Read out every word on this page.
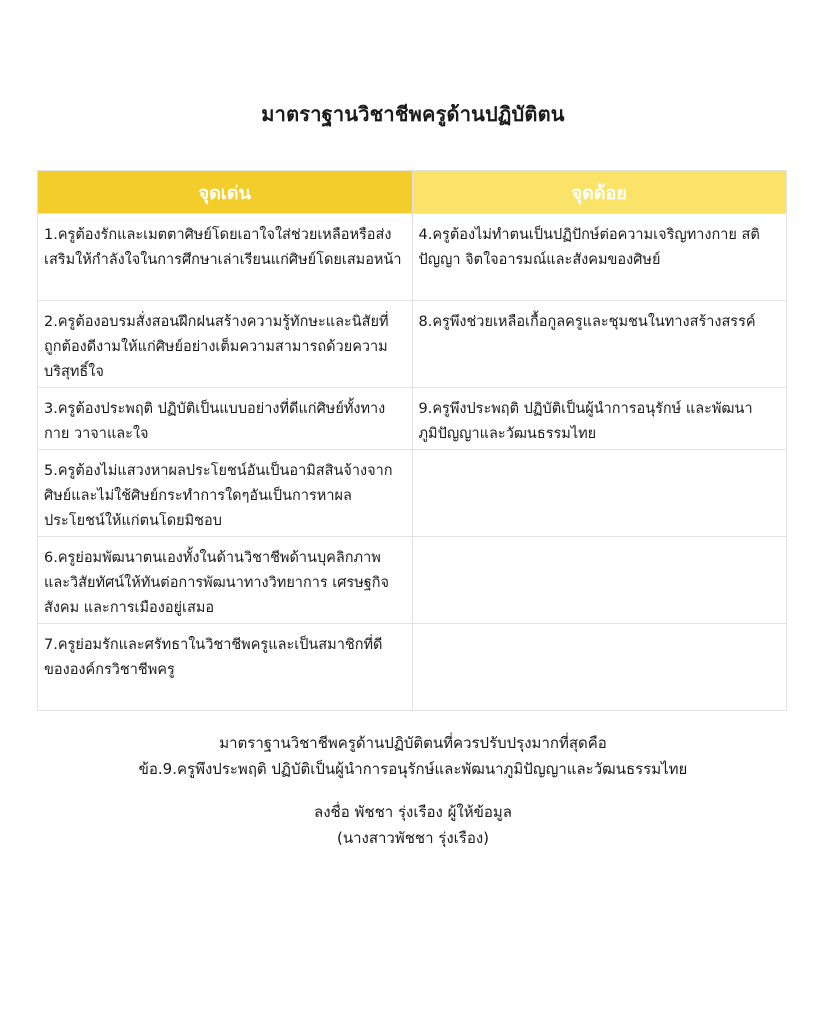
มาตราฐานวิชาชีพครูด้านปฏิบัติตน
จุดเด่น	จุดด้อย
1.ครูต้องรักและเมตตาศิษย์โดยเอาใจใส่ช่วยเหลือหรือส่งเสริมให้กำลังใจในการศึกษาเล่าเรียนแก่ศิษย์โดยเสมอหน้า	4.ครูต้องไม่ทำตนเป็นปฏิปักษ์ต่อความเจริญทางกาย สติปัญญา จิตใจอารมณ์และสังคมของศิษย์
2.ครูต้องอบรมสั่งสอนฝึกฝนสร้างความรู้ทักษะและนิสัยที่ถูกต้องดีงามให้แก่ศิษย์อย่างเต็มความสามารถด้วยความบริสุทธิ์ใจ	8.ครูพึงช่วยเหลือเกื้อกูลครูและชุมชนในทางสร้างสรรค์
3.ครูต้องประพฤติ ปฏิบัติเป็นแบบอย่างที่ดีแก่ศิษย์ทั้งทางกาย วาจาและใจ	9.ครูพึงประพฤติ ปฏิบัติเป็นผู้นำการอนุรักษ์ และพัฒนาภูมิปัญญาและวัฒนธรรมไทย
5.ครูต้องไม่แสวงหาผลประโยชน์อันเป็นอามิสสินจ้างจากศิษย์และไม่ใช้ศิษย์กระทำการใดๆอันเป็นการหาผลประโยชน์ให้แก่ตนโดยมิชอบ	
6.ครูย่อมพัฒนาตนเองทั้งในด้านวิชาชีพด้านบุคลิกภาพและวิสัยทัศน์ให้ทันต่อการพัฒนาทางวิทยาการ เศรษฐกิจ สังคม และการเมืองอยู่เสมอ	
7.ครูย่อมรักและศรัทธาในวิชาชีพครูและเป็นสมาชิกที่ดีขององค์กรวิชาชีพครู	
มาตราฐานวิชาชีพครูด้านปฏิบัติตนที่ควรปรับปรุงมากที่สุดคือ
ข้อ.9.ครูพึงประพฤติ ปฏิบัติเป็นผู้นำการอนุรักษ์และพัฒนาภูมิปัญญาและวัฒนธรรมไทย
ลงชื่อ พัชชา รุ่งเรือง ผู้ให้ข้อมูล
(นางสาวพัชชา รุ่งเรือง)
